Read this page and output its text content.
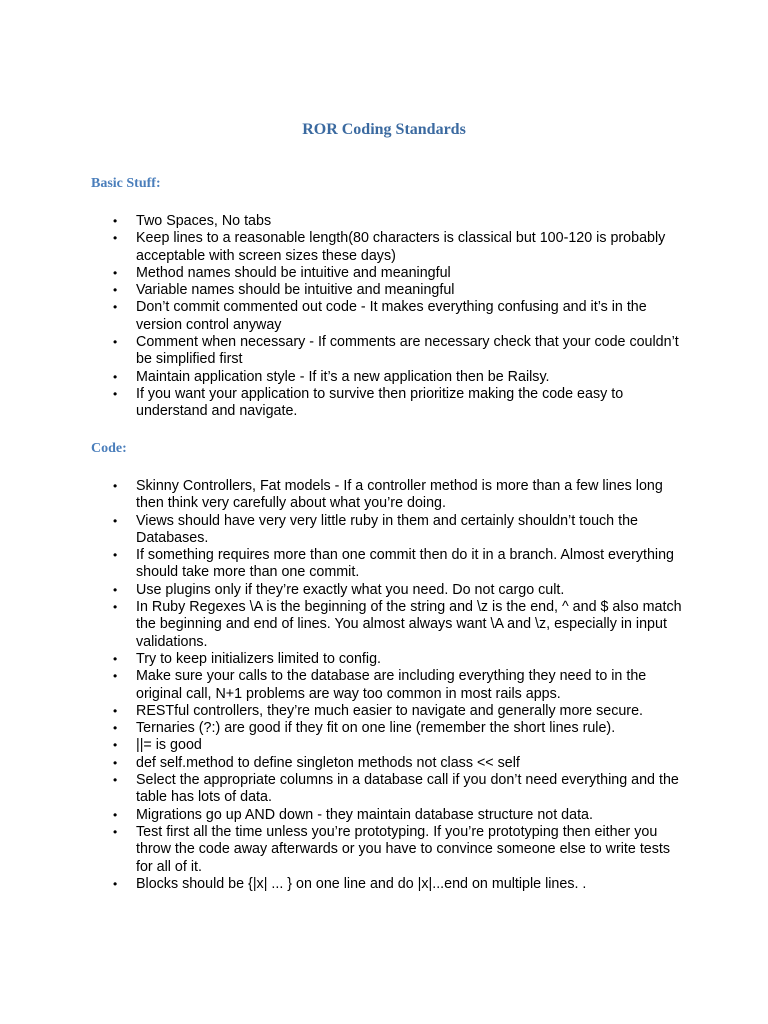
ROR Coding Standards
Basic Stuff:
• Two Spaces, No tabs
• Keep lines to a reasonable length(80 characters is classical but 100-120 is probably acceptable with screen sizes these days)
• Method names should be intuitive and meaningful
• Variable names should be intuitive and meaningful
• Don’t commit commented out code - It makes everything confusing and it’s in the version control anyway
• Comment when necessary - If comments are necessary check that your code couldn’t be simplified first
• Maintain application style - If it’s a new application then be Railsy.
• If you want your application to survive then prioritize making the code easy to understand and navigate.
Code:
• Skinny Controllers, Fat models - If a controller method is more than a few lines long then think very carefully about what you’re doing.
• Views should have very very little ruby in them and certainly shouldn’t touch the Databases.
• If something requires more than one commit then do it in a branch. Almost everything should take more than one commit.
• Use plugins only if they’re exactly what you need. Do not cargo cult.
• In Ruby Regexes \A is the beginning of the string and \z is the end, ^ and $ also match the beginning and end of lines. You almost always want \A and \z, especially in input validations.
• Try to keep initializers limited to config.
• Make sure your calls to the database are including everything they need to in the original call, N+1 problems are way too common in most rails apps.
• RESTful controllers, they’re much easier to navigate and generally more secure.
• Ternaries (?:) are good if they fit on one line (remember the short lines rule).
• ||= is good
• def self.method to define singleton methods not class << self
• Select the appropriate columns in a database call if you don’t need everything and the table has lots of data.
• Migrations go up AND down - they maintain database structure not data.
• Test first all the time unless you’re prototyping. If you’re prototyping then either you throw the code away afterwards or you have to convince someone else to write tests for all of it.
• Blocks should be {|x| ... } on one line and do |x|...end on multiple lines. .
